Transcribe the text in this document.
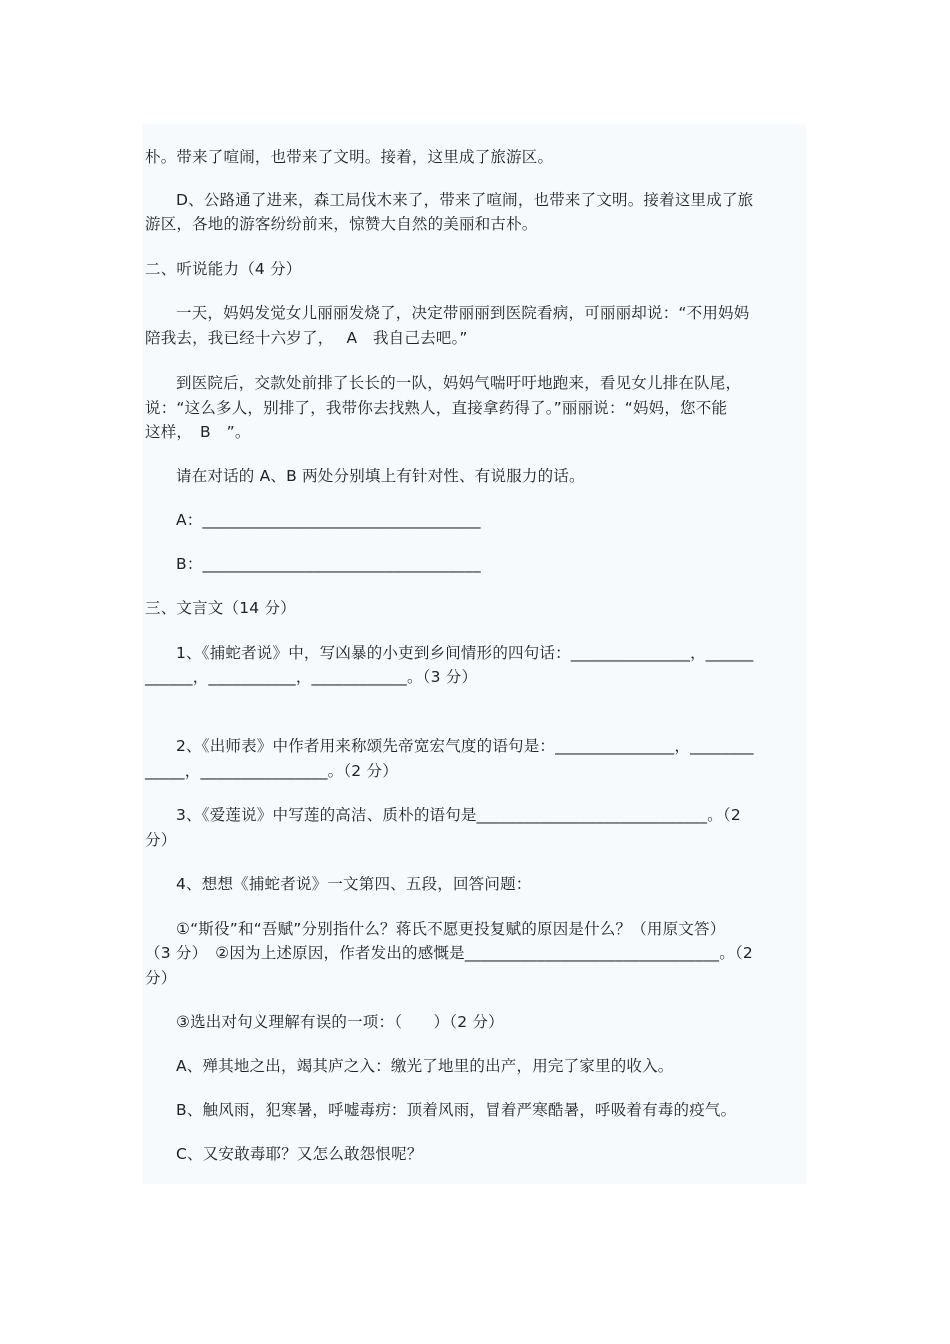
朴。带来了喧闹，也带来了文明。接着，这里成了旅游区。
D、公路通了进来，森工局伐木来了，带来了喧闹，也带来了文明。接着这里成了旅
游区，各地的游客纷纷前来，惊赞大自然的美丽和古朴。
二、听说能力（4 分）
一天，妈妈发觉女儿丽丽发烧了，决定带丽丽到医院看病，可丽丽却说：“不用妈妈
陪我去，我已经十六岁了，　 A　我自己去吧。”
到医院后，交款处前排了长长的一队，妈妈气喘吁吁地跑来，看见女儿排在队尾，
说：“这么多人，别排了，我带你去找熟人，直接拿药得了。”丽丽说：“妈妈，您不能
这样，　B　”。
请在对话的 A、B 两处分别填上有针对性、有说服力的话。
A：___________________________________
B：___________________________________
三、文言文（14 分）
1、《捕蛇者说》中，写凶暴的小吏到乡间情形的四句话：_______________，______
______，___________，____________。（3 分）
2、《出师表》中作者用来称颂先帝宽宏气度的语句是：_______________，________
_____，________________。（2 分）
3、《爱莲说》中写莲的高洁、质朴的语句是_____________________________。（2
分）
4、想想《捕蛇者说》一文第四、五段，回答问题：
①“斯役”和“吾赋”分别指什么？蒋氏不愿更投复赋的原因是什么？（用原文答）
（3 分）　②因为上述原因，作者发出的感慨是________________________________。（2
分）
③选出对句义理解有误的一项：（　　）（2 分）
A、殚其地之出，竭其庐之入：缴光了地里的出产，用完了家里的收入。
B、触风雨，犯寒暑，呼嘘毒疠：顶着风雨，冒着严寒酷暑，呼吸着有毒的疫气。
C、又安敢毒耶？又怎么敢怨恨呢？
